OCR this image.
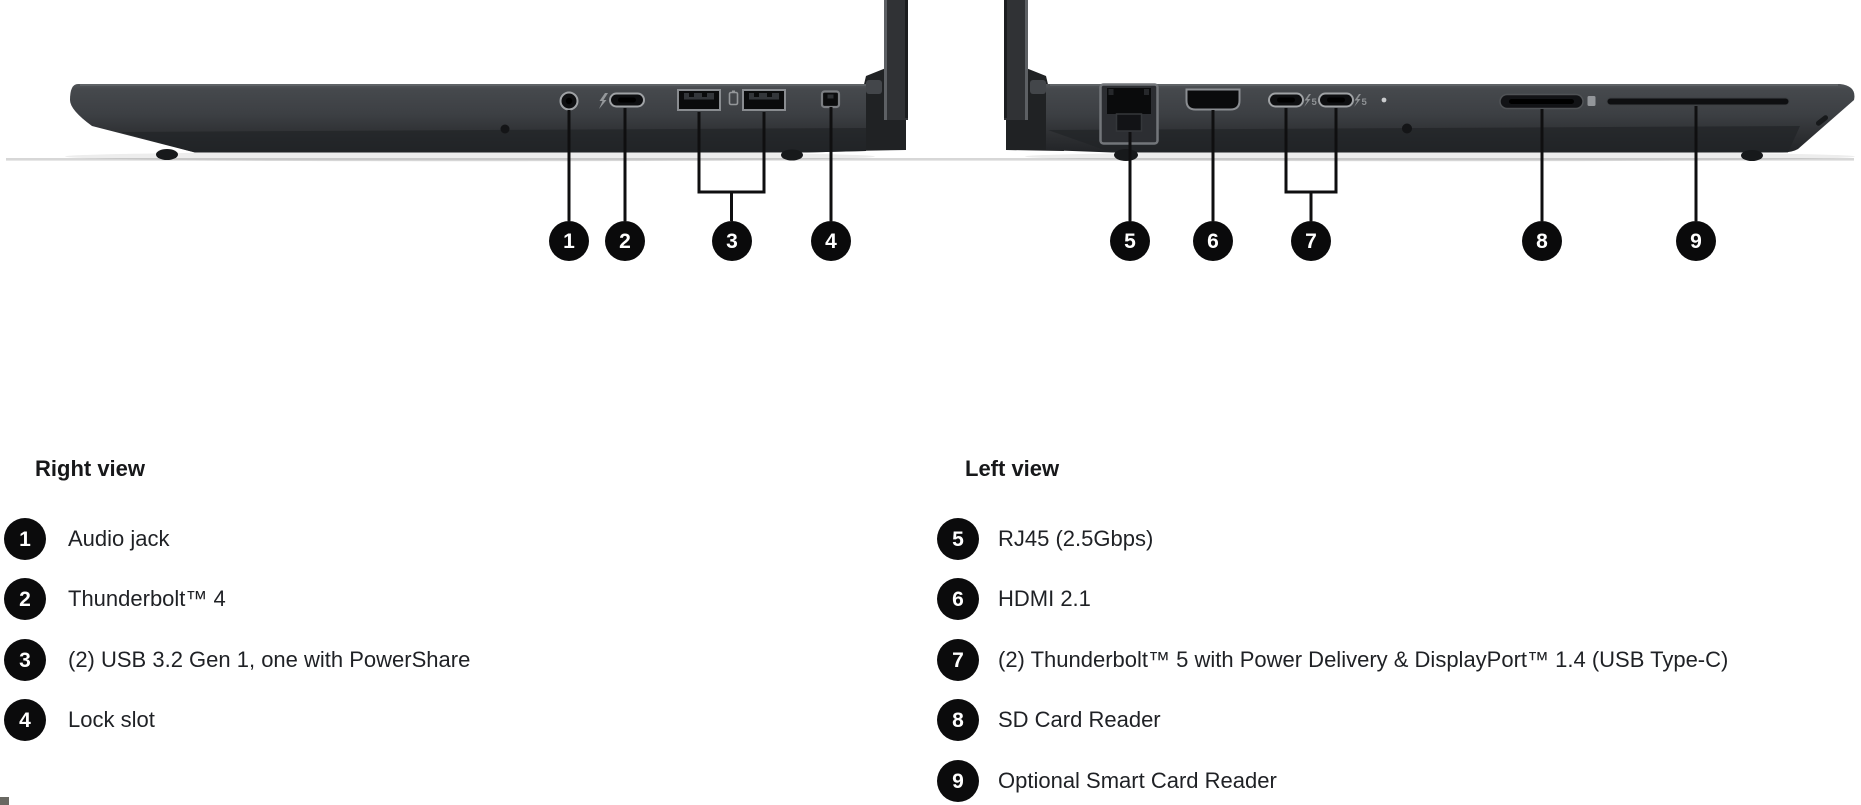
5	5
1	2	3	4	5	6	7	8	9
Right view
1	Audio jack
2	Thunderbolt™ 4
3	(2) USB 3.2 Gen 1, one with PowerShare
4	Lock slot
Left view
5	RJ45 (2.5Gbps)
6	HDMI 2.1
7	(2) Thunderbolt™ 5 with Power Delivery & DisplayPort™ 1.4 (USB Type-C)
8	SD Card Reader
9	Optional Smart Card Reader
